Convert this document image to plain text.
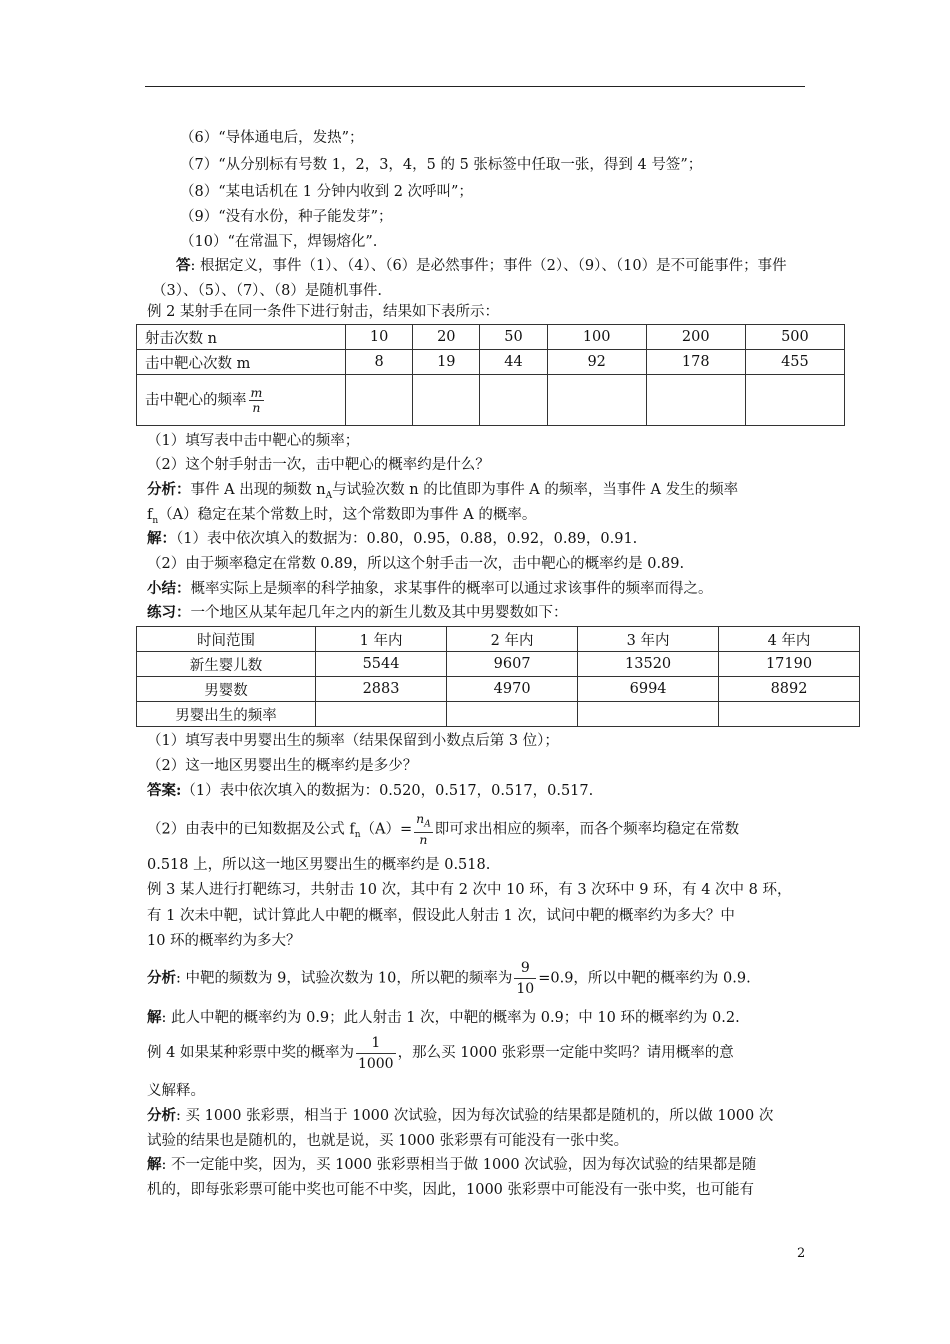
（6）“导体通电后，发热”；
（7）“从分别标有号数 1，2，3，4，5 的 5 张标签中任取一张，得到 4 号签”；
（8）“某电话机在 1 分钟内收到 2 次呼叫”；
（9）“没有水份，种子能发芽”；
（10）“在常温下，焊锡熔化”.
答: 根据定义，事件（1）、（4）、（6）是必然事件；事件（2）、（9）、（10）是不可能事件；事件
（3）、（5）、（7）、（8）是随机事件.
例 2 某射手在同一条件下进行射击，结果如下表所示：
射击次数 n	10	20	50	100	200	500
击中靶心次数 m	8	19	44	92	178	455
击中靶心的频率 $\frac{m}{n}$

（1）填写表中击中靶心的频率；
（2）这个射手射击一次，击中靶心的概率约是什么？
分析：事件 A 出现的频数 $n_A$与试验次数 n 的比值即为事件 A 的频率，当事件 A 发生的频率
$f_n(A)$稳定在某个常数上时，这个常数即为事件 A 的概率。
解：（1）表中依次填入的数据为：0.80，0.95，0.88，0.92，0.89，0.91.
（2）由于频率稳定在常数 0.89，所以这个射手击一次，击中靶心的概率约是 0.89.
小结：概率实际上是频率的科学抽象，求某事件的概率可以通过求该事件的频率而得之。
练习：一个地区从某年起几年之内的新生儿数及其中男婴数如下：
时间范围	1 年内	2 年内	3 年内	4 年内
新生婴儿数	5544	9607	13520	17190
男婴数	2883	4970	6994	8892
男婴出生的频率				
（1）填写表中男婴出生的频率（结果保留到小数点后第 3 位）；
（2）这一地区男婴出生的概率约是多少？
答案:（1）表中依次填入的数据为：0.520，0.517，0.517，0.517.
（2）由表中的已知数据及公式 $f_n(A)= \frac{n_A}{n}$ 即可求出相应的频率，而各个频率均稳定在常数
0.518 上，所以这一地区男婴出生的概率约是 0.518.
例 3 某人进行打靶练习，共射击 10 次，其中有 2 次中 10 环，有 3 次环中 9 环，有 4 次中 8 环，
有 1 次未中靶，试计算此人中靶的概率，假设此人射击 1 次，试问中靶的概率约为多大？中
10 环的概率约为多大？
分析: 中靶的频数为 9，试验次数为 10，所以靶的频率为 $\frac{9}{10} =0.9$，所以中靶的概率约为 0.9.
解: 此人中靶的概率约为 0.9；此人射击 1 次，中靶的概率为 0.9；中 10 环的概率约为 0.2.
例 4 如果某种彩票中奖的概率为 $\frac{1}{1000}$ ，那么买 1000 张彩票一定能中奖吗？请用概率的意
义解释。
分析: 买 1000 张彩票，相当于 1000 次试验，因为每次试验的结果都是随机的，所以做 1000 次
试验的结果也是随机的，也就是说，买 1000 张彩票有可能没有一张中奖。
解: 不一定能中奖，因为，买 1000 张彩票相当于做 1000 次试验，因为每次试验的结果都是随
机的，即每张彩票可能中奖也可能不中奖，因此，1000 张彩票中可能没有一张中奖，也可能有
2
